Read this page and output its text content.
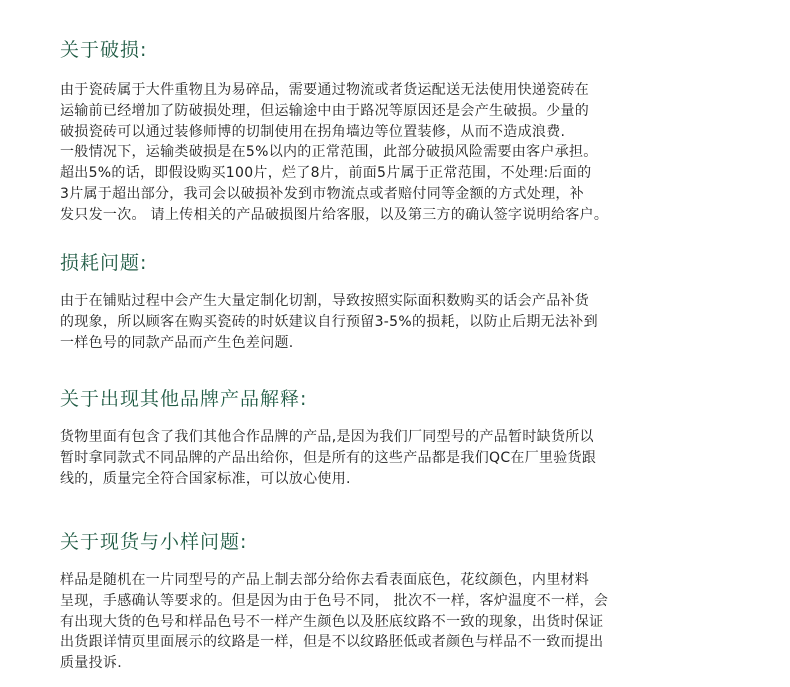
关于破损:

由于瓷砖属于大件重物且为易碎品，需要通过物流或者货运配送无法使用快递瓷砖在
运输前已经增加了防破损处理，但运输途中由于路况等原因还是会产生破损。少量的
破损瓷砖可以通过装修师博的切制使用在拐角墙边等位置装修，从而不造成浪费.
一般情况下，运输类破损是在5%以内的正常范围，此部分破损风险需要由客户承担。
超出5%的话，即假设购买100片，烂了8片，前面5片属于正常范围，不处理:后面的
3片属于超出部分，我司会以破损补发到市物流点或者赔付同等金额的方式处理，补
发只发一次。 请上传相关的产品破损图片给客服，以及第三方的确认签字说明给客户。

损耗问题:

由于在铺贴过程中会产生大量定制化切割，导致按照实际面积数购买的话会产品补货
的现象，所以顾客在购买瓷砖的时妖建议自行预留3-5%的损耗，以防止后期无法补到
一样色号的同款产品而产生色差问题.

关于出现其他品牌产品解释:

货物里面有包含了我们其他合作品牌的产品,是因为我们厂同型号的产品暂时缺货所以
暂时拿同款式不同品牌的产品出给你，但是所有的这些产品都是我们QC在厂里验货跟
线的，质量完全符合国家标准，可以放心使用.

关于现货与小样问题:

样品是随机在一片同型号的产品上制去部分给你去看表面底色，花纹颜色，内里材料
呈现，手感确认等要求的。但是因为由于色号不同， 批次不一样，客炉温度不一样，会
有出现大货的色号和样品色号不一样产生颜色以及胚底纹路不一致的现象，出货时保证
出货跟详情页里面展示的纹路是一样，但是不以纹路胚低或者颜色与样品不一致而提出
质量投诉.
